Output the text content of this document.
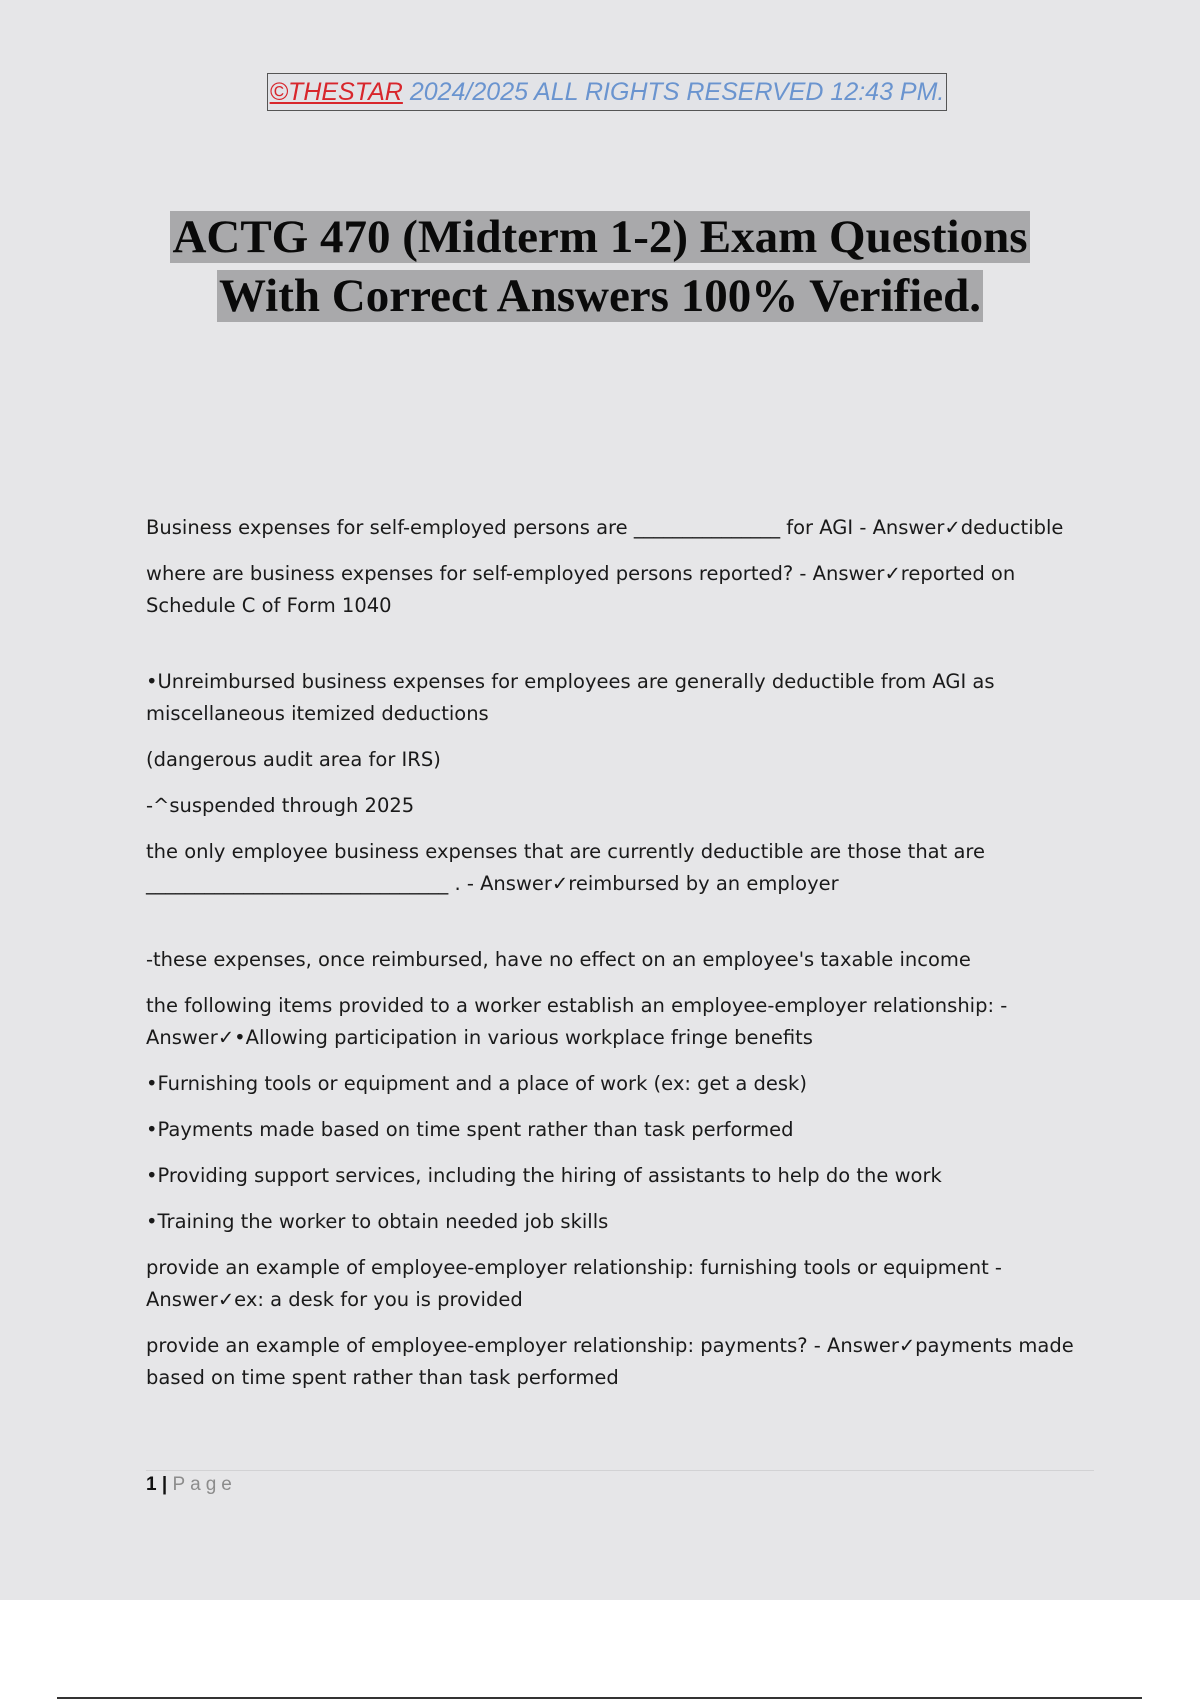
©THESTAR 2024/2025 ALL RIGHTS RESERVED 12:43 PM.
ACTG 470 (Midterm 1-2) Exam Questions
With Correct Answers 100% Verified.

Business expenses for self-employed persons are _______________ for AGI - Answer✓deductible

where are business expenses for self-employed persons reported? - Answer✓reported on Schedule C of Form 1040

•Unreimbursed business expenses for employees are generally deductible from AGI as miscellaneous itemized deductions

(dangerous audit area for IRS)

-^suspended through 2025

the only employee business expenses that are currently deductible are those that are _______________________________ . - Answer✓reimbursed by an employer

-these expenses, once reimbursed, have no effect on an employee's taxable income

the following items provided to a worker establish an employee-employer relationship: - Answer✓•Allowing participation in various workplace fringe benefits

•Furnishing tools or equipment and a place of work (ex: get a desk)

•Payments made based on time spent rather than task performed

•Providing support services, including the hiring of assistants to help do the work

•Training the worker to obtain needed job skills

provide an example of employee-employer relationship: furnishing tools or equipment - Answer✓ex: a desk for you is provided

provide an example of employee-employer relationship: payments? - Answer✓payments made based on time spent rather than task performed

1 | Page
